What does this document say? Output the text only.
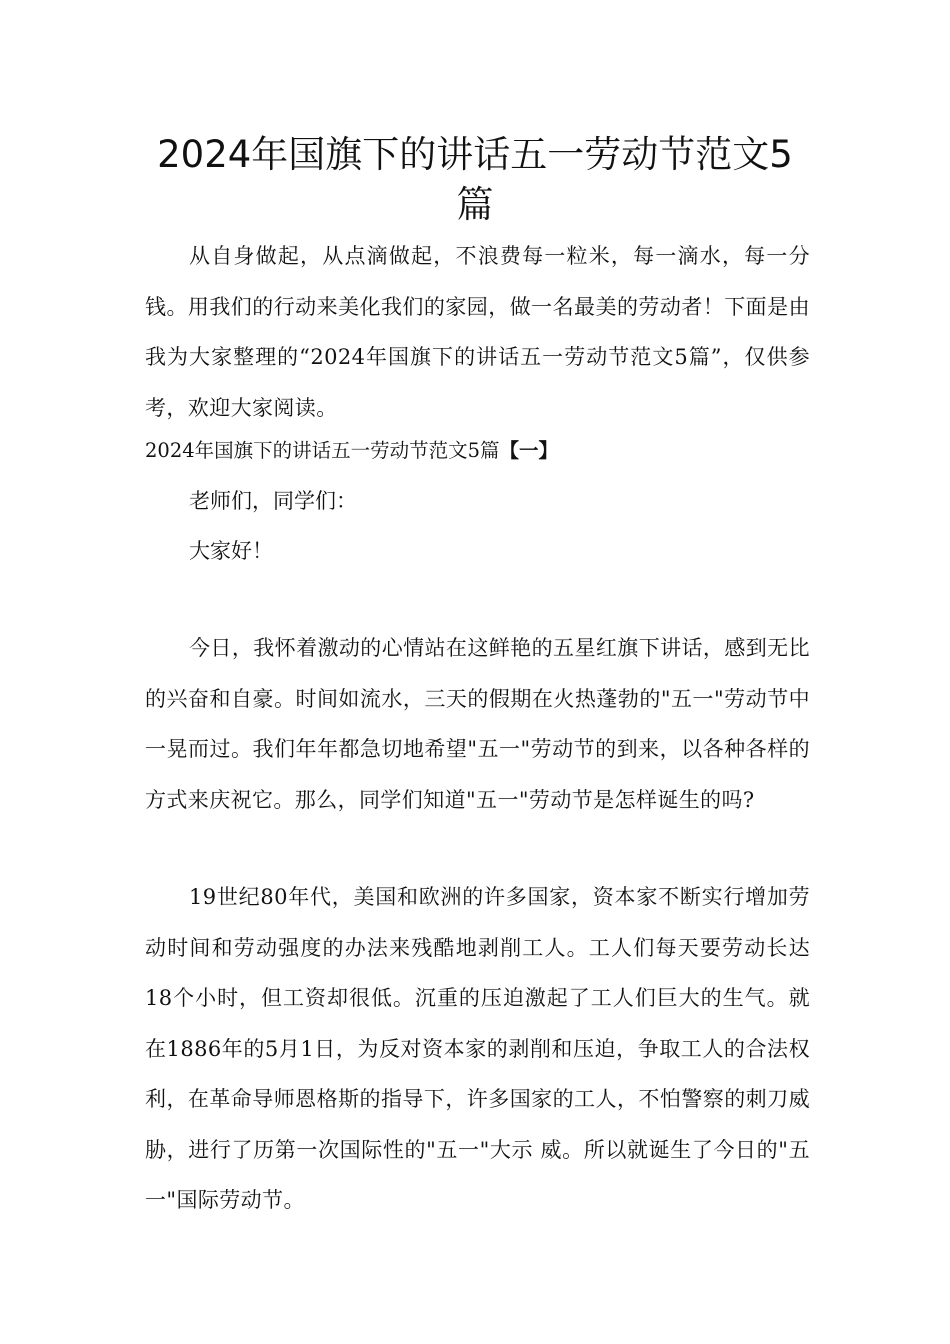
2024年国旗下的讲话五一劳动节范文5篇

从自身做起，从点滴做起，不浪费每一粒米，每一滴水，每一分钱。用我们的行动来美化我们的家园，做一名最美的劳动者！下面是由我为大家整理的“2024年国旗下的讲话五一劳动节范文5篇”，仅供参考，欢迎大家阅读。

2024年国旗下的讲话五一劳动节范文5篇【一】

老师们，同学们：

大家好！

今日，我怀着激动的心情站在这鲜艳的五星红旗下讲话，感到无比的兴奋和自豪。时间如流水，三天的假期在火热蓬勃的"五一"劳动节中一晃而过。我们年年都急切地希望"五一"劳动节的到来，以各种各样的方式来庆祝它。那么，同学们知道"五一"劳动节是怎样诞生的吗?

19世纪80年代，美国和欧洲的许多国家，资本家不断实行增加劳动时间和劳动强度的办法来残酷地剥削工人。工人们每天要劳动长达18个小时，但工资却很低。沉重的压迫激起了工人们巨大的生气。就在1886年的5月1日，为反对资本家的剥削和压迫，争取工人的合法权利，在革命导师恩格斯的指导下，许多国家的工人，不怕警察的刺刀威胁，进行了历第一次国际性的"五一"大示 威。所以就诞生了今日的"五一"国际劳动节。
